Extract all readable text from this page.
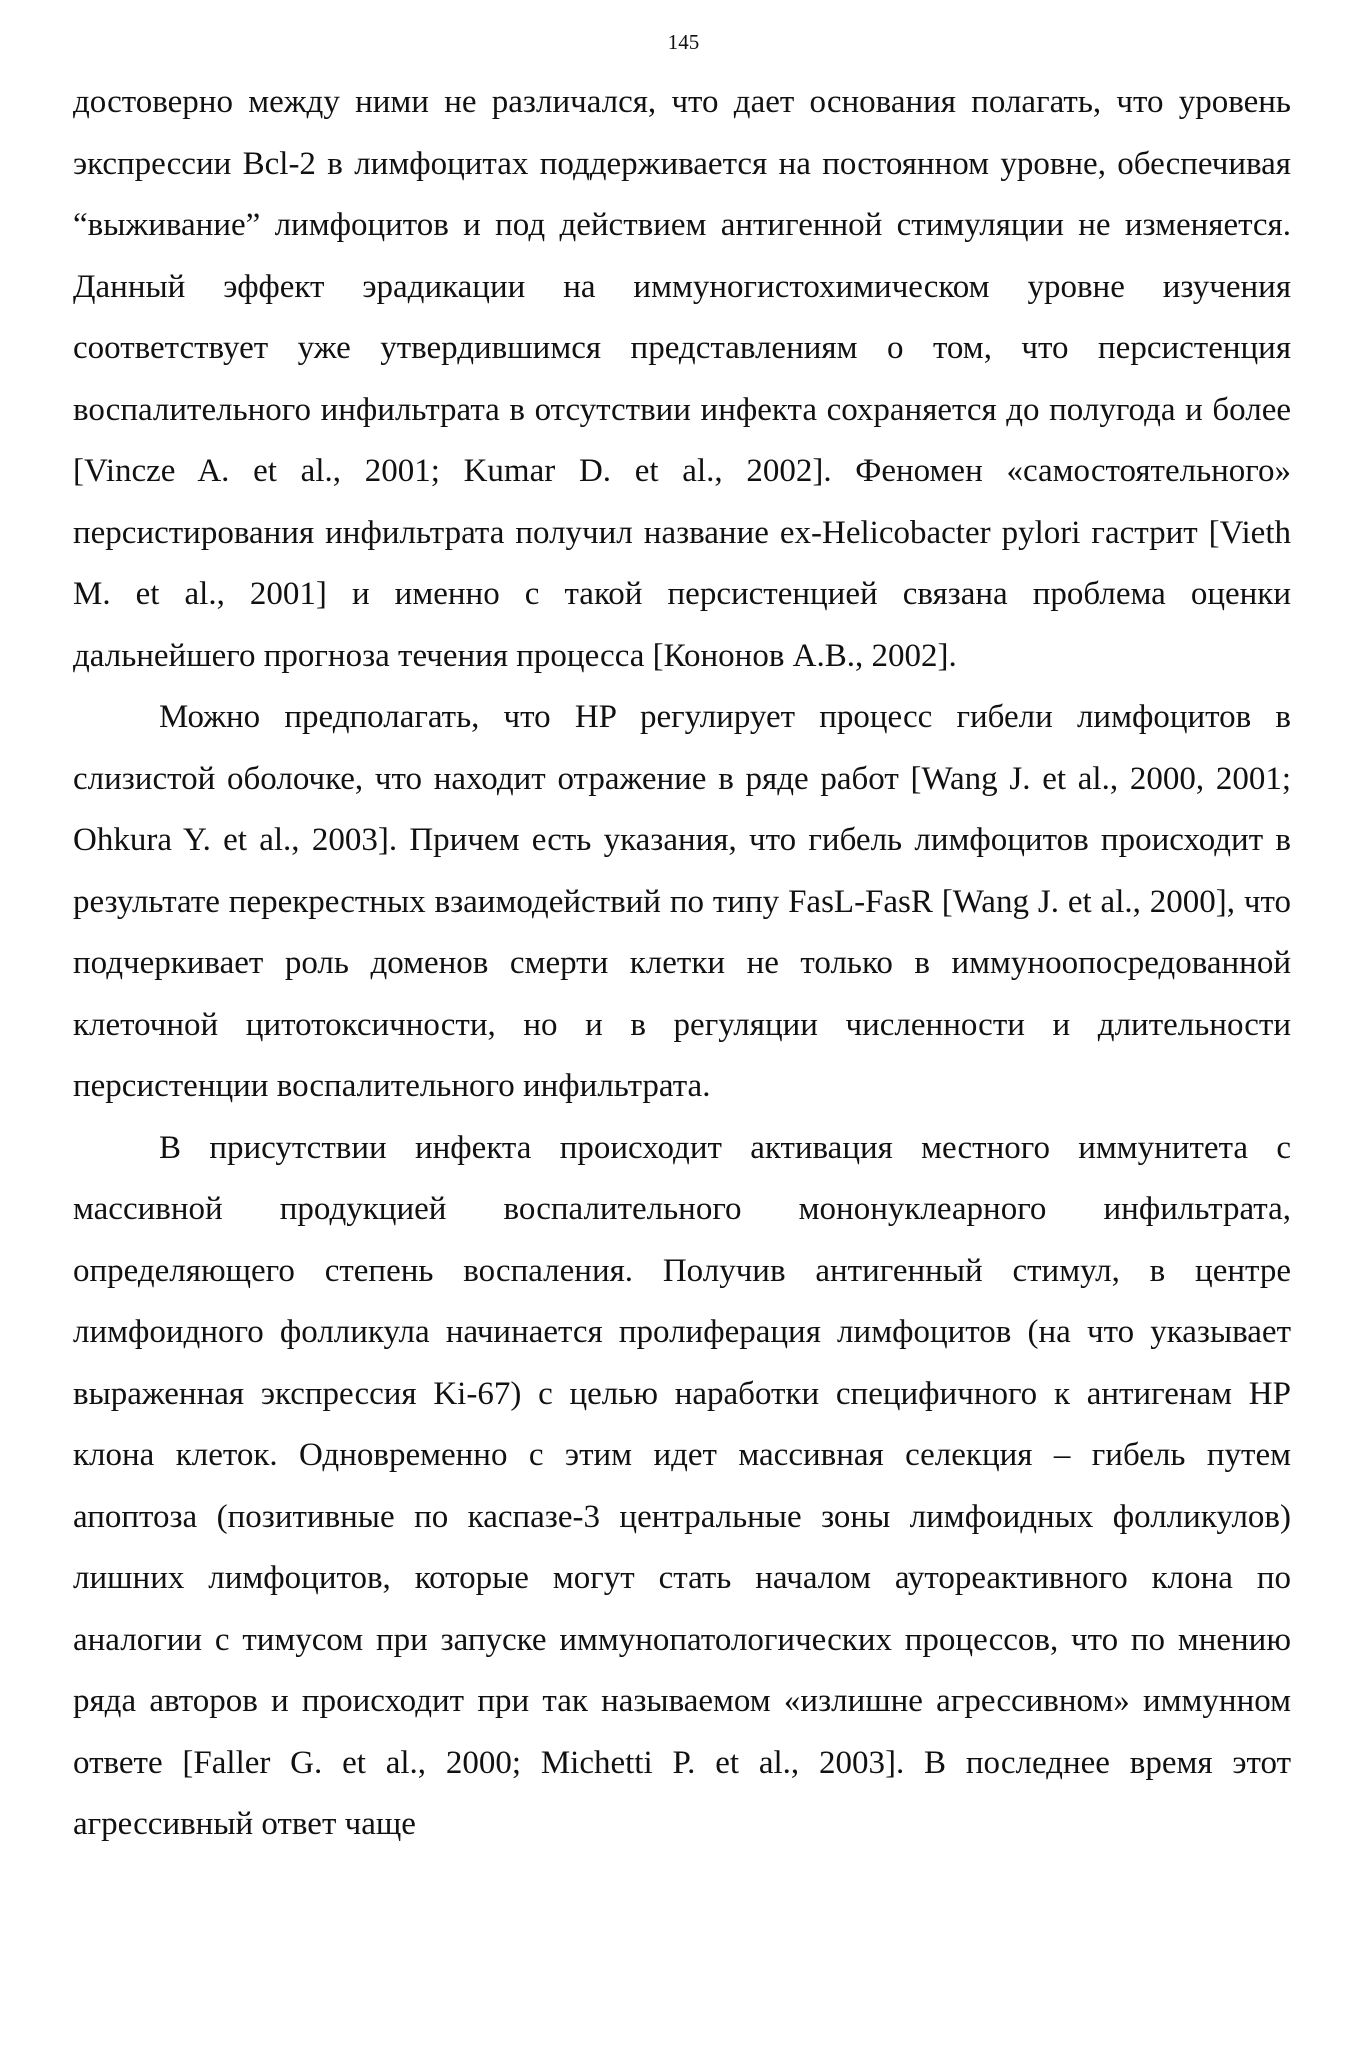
145

достоверно между ними не различался, что дает основания полагать, что уровень экспрессии Bcl-2 в лимфоцитах поддерживается на постоянном уровне, обеспечивая “выживание” лимфоцитов и под действием антигенной стимуляции не изменяется. Данный эффект эрадикации на иммуногистохимическом уровне изучения соответствует уже утвердившимся представлениям о том, что персистенция воспалительного инфильтрата в отсутствии инфекта сохраняется до полугода и более [Vincze A. et al., 2001; Kumar D. et al., 2002]. Феномен «самостоятельного» персистирования инфильтрата получил название ex-Helicobacter pylori гастрит [Vieth M. et al., 2001] и именно с такой персистенцией связана проблема оценки дальнейшего прогноза течения процесса [Кононов А.В., 2002].

Можно предполагать, что HP регулирует процесс гибели лимфоцитов в слизистой оболочке, что находит отражение в ряде работ [Wang J. et al., 2000, 2001; Ohkura Y. et al., 2003]. Причем есть указания, что гибель лимфоцитов происходит в результате перекрестных взаимодействий по типу FasL-FasR [Wang J. et al., 2000], что подчеркивает роль доменов смерти клетки не только в иммуноопосредованной клеточной цитотоксичности, но и в регуляции численности и длительности персистенции воспалительного инфильтрата.

В присутствии инфекта происходит активация местного иммунитета с массивной продукцией воспалительного мононуклеарного инфильтрата, определяющего степень воспаления. Получив антигенный стимул, в центре лимфоидного фолликула начинается пролиферация лимфоцитов (на что указывает выраженная экспрессия Ki-67) с целью наработки специфичного к антигенам HP клона клеток. Одновременно с этим идет массивная селекция – гибель путем апоптоза (позитивные по каспазе-3 центральные зоны лимфоидных фолликулов) лишних лимфоцитов, которые могут стать началом аутореактивного клона по аналогии с тимусом при запуске иммунопатологических процессов, что по мнению ряда авторов и происходит при так называемом «излишне агрессивном» иммунном ответе [Faller G. et al., 2000; Michetti P. et al., 2003]. В последнее время этот агрессивный ответ чаще
